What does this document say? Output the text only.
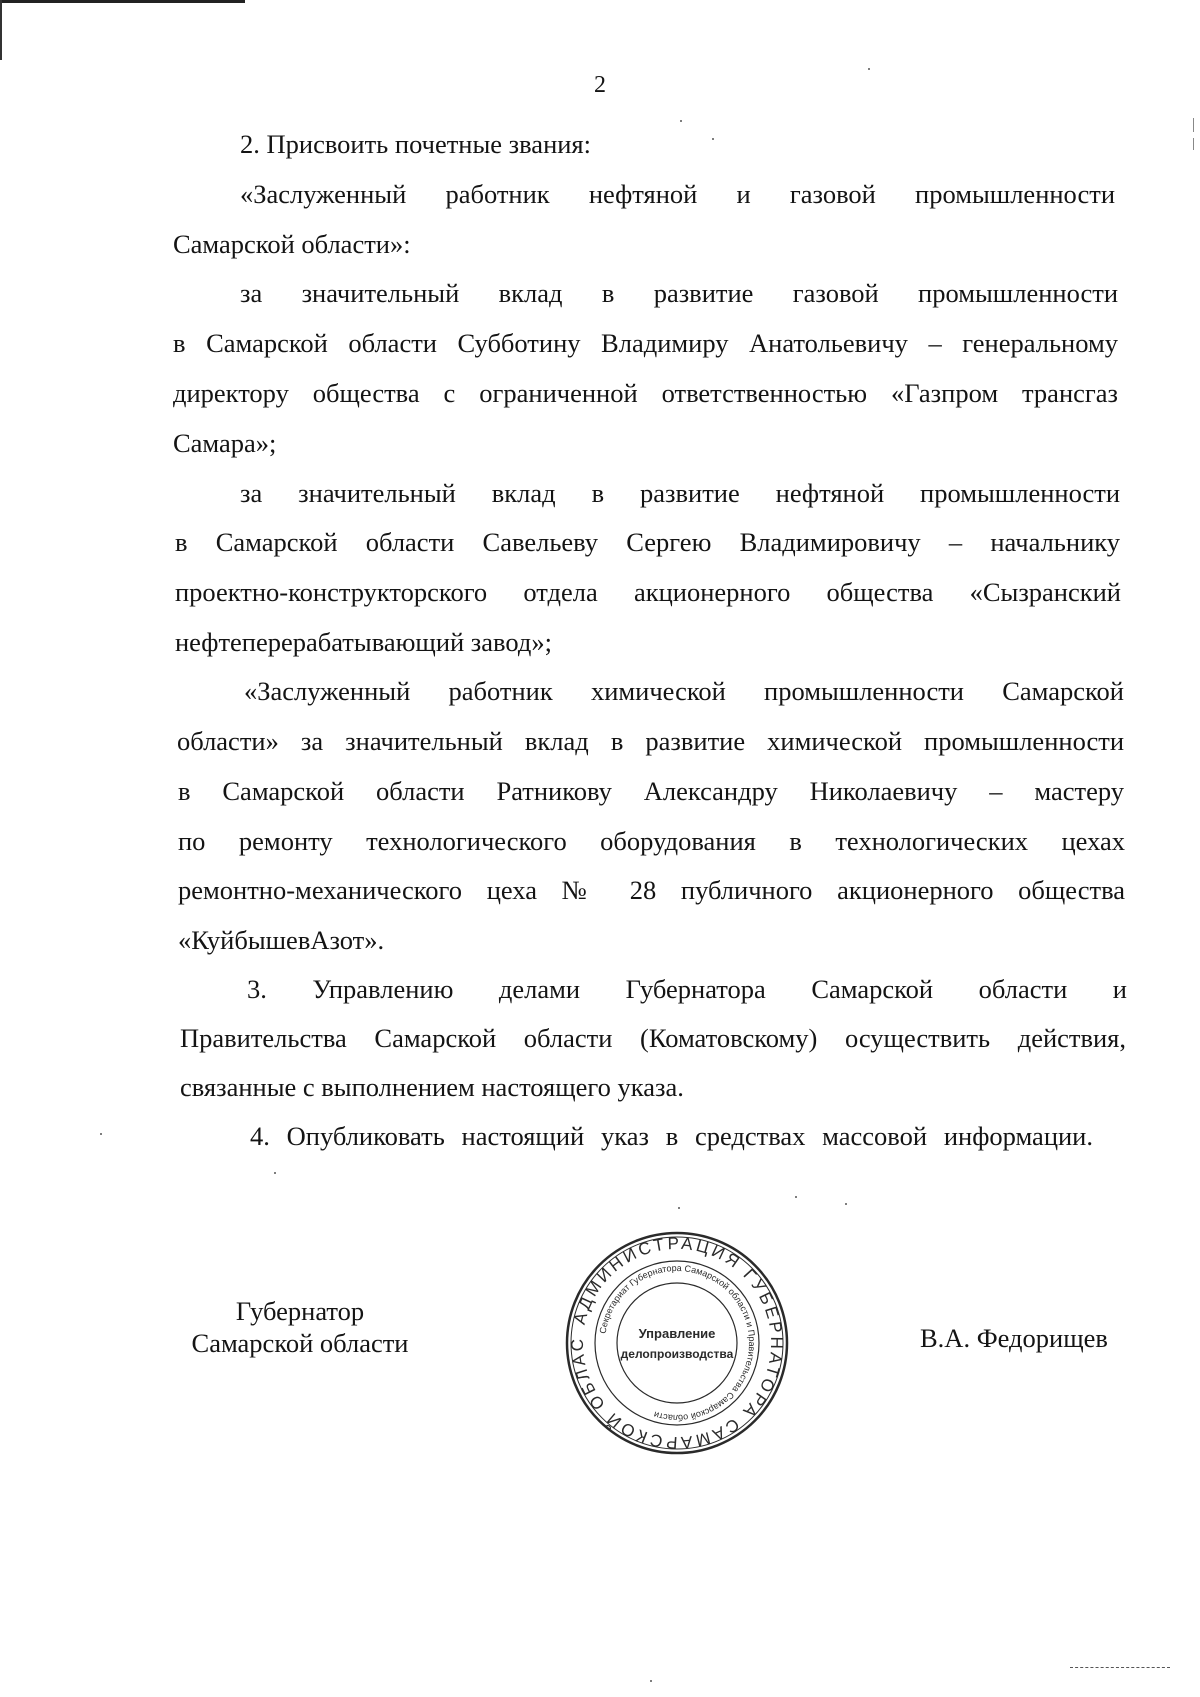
2
2. Присвоить почетные звания:
«Заслуженный работник нефтяной и газовой промышленности
Самарской области»:
за значительный вклад в развитие газовой промышленности
в Самарской области Субботину Владимиру Анатольевичу – генеральному
директору общества с ограниченной ответственностью «Газпром трансгаз
Самара»;
за значительный вклад в развитие нефтяной промышленности
в Самарской области Савельеву Сергею Владимировичу – начальнику
проектно-конструкторского отдела акционерного общества «Сызранский
нефтеперерабатывающий завод»;
«Заслуженный работник химической промышленности Самарской
области» за значительный вклад в развитие химической промышленности
в Самарской области Ратникову Александру Николаевичу – мастеру
по ремонту технологического оборудования в технологических цехах
ремонтно-механического цеха № 28 публичного акционерного общества
«КуйбышевАзот».
3. Управлению делами Губернатора Самарской области и
Правительства Самарской области (Коматовскому) осуществить действия,
связанные с выполнением настоящего указа.
4. Опубликовать настоящий указ в средствах массовой информации.
Губернатор
Самарской области
АДМИНИСТРАЦИЯ ГУБЕРНАТОРА САМАРСКОЙ ОБЛАС
Секретариат Губернатора Самарской области и Правительства Самарской области
Управление
делопроизводства
В.А. Федорищев
